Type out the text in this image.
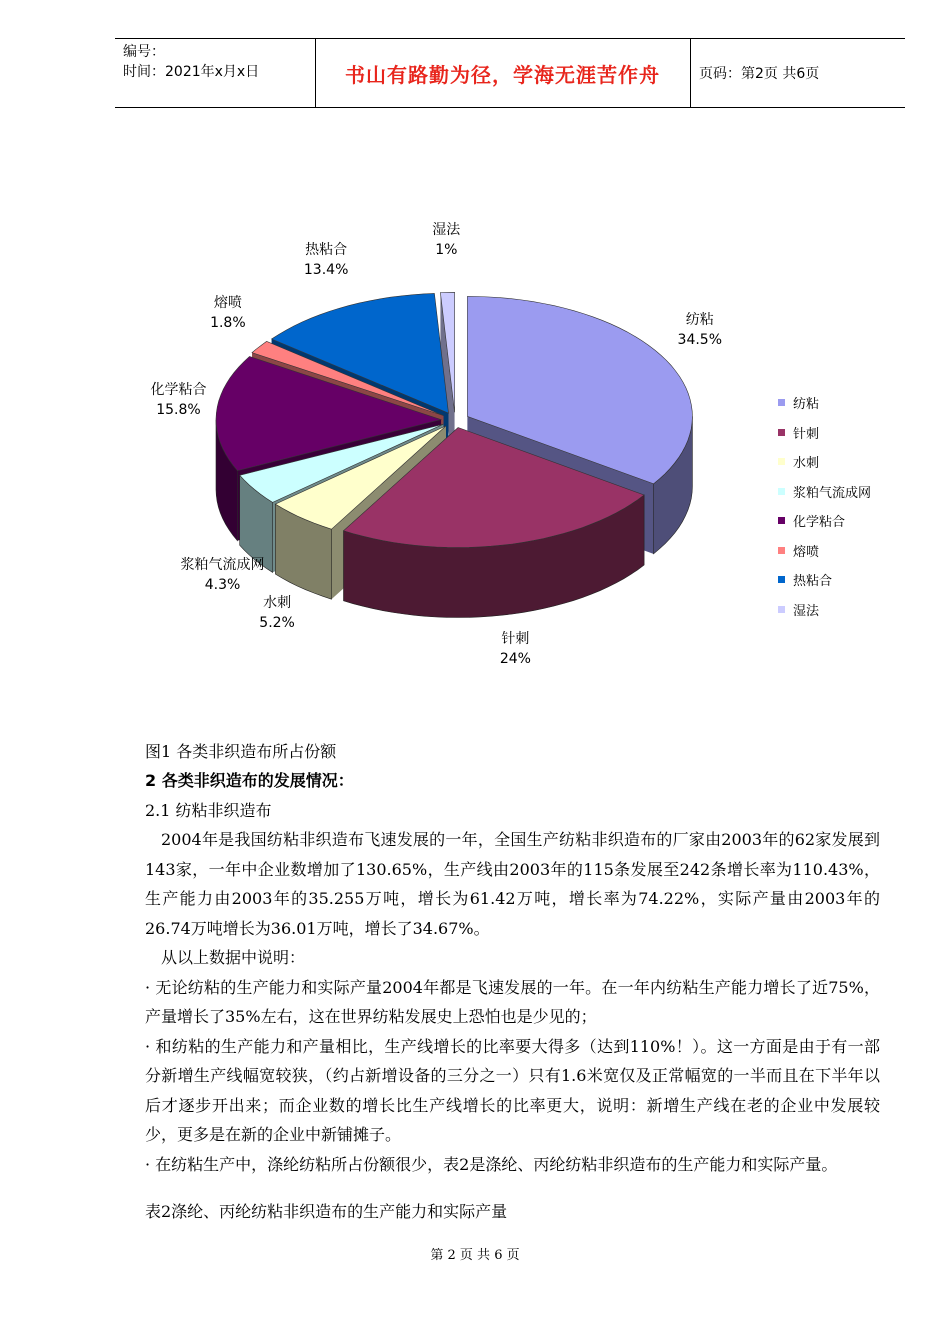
编号：
时间：2021年x月x日	书山有路勤为径，学海无涯苦作舟	页码：第2页 共6页
纺粘
34.5%
针刺
24%
水刺
5.2%
浆粕气流成网
4.3%
化学粘合
15.8%
熔喷
1.8%
热粘合
13.4%
湿法
1%
纺粘
针刺
水刺
浆粕气流成网
化学粘合
熔喷
热粘合
湿法
图1 各类非织造布所占份额
2 各类非织造布的发展情况：
2.1 纺粘非织造布

2004年是我国纺粘非织造布飞速发展的一年，全国生产纺粘非织造布的厂家由2003年的62家发展到143家，一年中企业数增加了130.65%，生产线由2003年的115条发展至242条增长率为110.43%，生产能力由2003年的35.255万吨，增长为61.42万吨，增长率为74.22%，实际产量由2003年的26.74万吨增长为36.01万吨，增长了34.67%。

从以上数据中说明：

· 无论纺粘的生产能力和实际产量2004年都是飞速发展的一年。在一年内纺粘生产能力增长了近75%，产量增长了35%左右，这在世界纺粘发展史上恐怕也是少见的；

· 和纺粘的生产能力和产量相比，生产线增长的比率要大得多（达到110%！）。这一方面是由于有一部分新增生产线幅宽较狭，（约占新增设备的三分之一）只有1.6米宽仅及正常幅宽的一半而且在下半年以后才逐步开出来；而企业数的增长比生产线增长的比率更大，说明：新增生产线在老的企业中发展较少，更多是在新的企业中新铺摊子。

· 在纺粘生产中，涤纶纺粘所占份额很少，表2是涤纶、丙纶纺粘非织造布的生产能力和实际产量。

表2涤纶、丙纶纺粘非织造布的生产能力和实际产量
第 2 页 共 6 页
